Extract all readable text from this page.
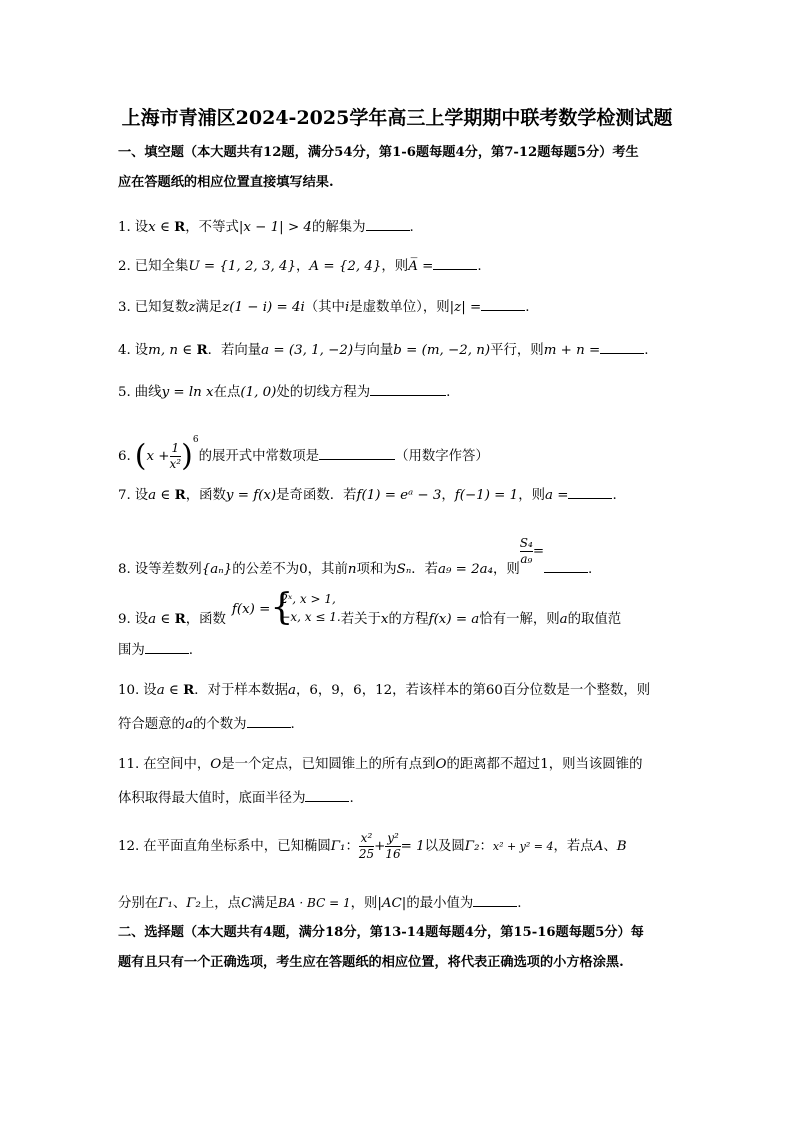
上海市青浦区2024-2025学年高三上学期期中联考数学检测试题
一、填空题（本大题共有12题，满分54分，第1-6题每题4分，第7-12题每题5分）考生
应在答题纸的相应位置直接填写结果.
1. 设x ∈ R，不等式|x − 1| > 4的解集为	.
2. 已知全集U = {1, 2, 3, 4}，A = {2, 4}，则A̅ =	.
3. 已知复数z满足z(1 − i) = 4i（其中i是虚数单位），则|z| =	.
4. 设m, n ∈ R．若向量a = (3, 1, −2)与向量b = (m, −2, n)平行，则m + n =	.
5. 曲线y = ln x在点(1, 0)处的切线方程为	.
6. $(x + \frac{1}{\text{x²}} )^6$的展开式中常数项是	（用数字作答）
7. 设a ∈ R，函数y = f(x)是奇函数．若f(1) = eᵃ − 3，f(−1) = 1，则a =	.
8. 设等差数列{aₙ}的公差不为0，其前n项和为Sₙ．若a₉ = 2a₄，则
$\frac{\text{S₄}}{\text{a₉}}$ =.
9. 设a ∈ R，函数f(x) = {
2ˣ, x > 1,
−x, x ≤ 1. 若关于x的方程f(x) = a恰有一解，则a的取值范
围为	.
10. 设a ∈ R．对于样本数据a，6，9，6，12，若该样本的第60百分位数是一个整数，则
符合题意的a的个数为	.
11. 在空间中，O是一个定点，已知圆锥上的所有点到O的距离都不超过1，则当该圆锥的
体积取得最大值时，底面半径为	.
12. 在平面直角坐标系中，已知椭圆Γ₁： $\frac{\text{x²}}{25} + \frac{\text{y²}}{16} = 1$以及圆Γ₂：x² + y² = 4，若点A、B
分别在Γ₁、Γ₂上，点C满足BA · BC = 1，则|AC|的最小值为	.
二、选择题（本大题共有4题，满分18分，第13-14题每题4分，第15-16题每题5分）每
题有且只有一个正确选项，考生应在答题纸的相应位置，将代表正确选项的小方格涂黑.
